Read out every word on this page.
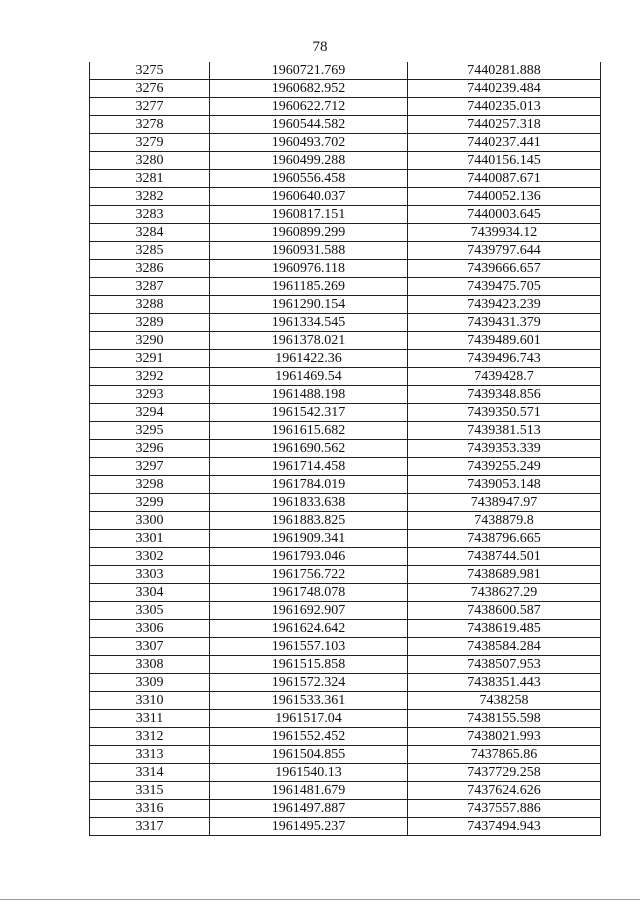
78
3275	1960721.769	7440281.888
3276	1960682.952	7440239.484
3277	1960622.712	7440235.013
3278	1960544.582	7440257.318
3279	1960493.702	7440237.441
3280	1960499.288	7440156.145
3281	1960556.458	7440087.671
3282	1960640.037	7440052.136
3283	1960817.151	7440003.645
3284	1960899.299	7439934.12
3285	1960931.588	7439797.644
3286	1960976.118	7439666.657
3287	1961185.269	7439475.705
3288	1961290.154	7439423.239
3289	1961334.545	7439431.379
3290	1961378.021	7439489.601
3291	1961422.36	7439496.743
3292	1961469.54	7439428.7
3293	1961488.198	7439348.856
3294	1961542.317	7439350.571
3295	1961615.682	7439381.513
3296	1961690.562	7439353.339
3297	1961714.458	7439255.249
3298	1961784.019	7439053.148
3299	1961833.638	7438947.97
3300	1961883.825	7438879.8
3301	1961909.341	7438796.665
3302	1961793.046	7438744.501
3303	1961756.722	7438689.981
3304	1961748.078	7438627.29
3305	1961692.907	7438600.587
3306	1961624.642	7438619.485
3307	1961557.103	7438584.284
3308	1961515.858	7438507.953
3309	1961572.324	7438351.443
3310	1961533.361	7438258
3311	1961517.04	7438155.598
3312	1961552.452	7438021.993
3313	1961504.855	7437865.86
3314	1961540.13	7437729.258
3315	1961481.679	7437624.626
3316	1961497.887	7437557.886
3317	1961495.237	7437494.943
